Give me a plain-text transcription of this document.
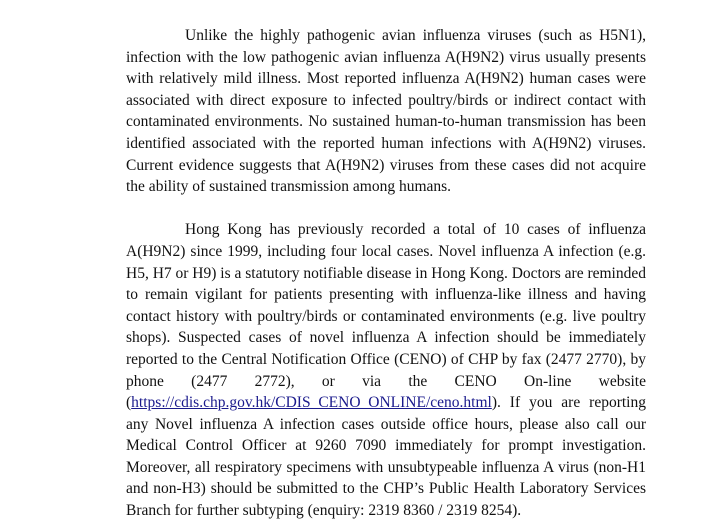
Unlike the highly pathogenic avian influenza viruses (such as H5N1), infection with the low pathogenic avian influenza A(H9N2) virus usually presents with relatively mild illness. Most reported influenza A(H9N2) human cases were associated with direct exposure to infected poultry/birds or indirect contact with contaminated environments. No sustained human-to-human transmission has been identified associated with the reported human infections with A(H9N2) viruses. Current evidence suggests that A(H9N2) viruses from these cases did not acquire the ability of sustained transmission among humans.

Hong Kong has previously recorded a total of 10 cases of influenza A(H9N2) since 1999, including four local cases. Novel influenza A infection (e.g. H5, H7 or H9) is a statutory notifiable disease in Hong Kong. Doctors are reminded to remain vigilant for patients presenting with influenza-like illness and having contact history with poultry/birds or contaminated environments (e.g. live poultry shops). Suspected cases of novel influenza A infection should be immediately reported to the Central Notification Office (CENO) of CHP by fax (2477 2770), by phone (2477 2772), or via the CENO On-line website (https://cdis.chp.gov.hk/CDIS_CENO_ONLINE/ceno.html). If you are reporting any Novel influenza A infection cases outside office hours, please also call our Medical Control Officer at 9260 7090 immediately for prompt investigation. Moreover, all respiratory specimens with unsubtypeable influenza A virus (non-H1 and non-H3) should be submitted to the CHP’s Public Health Laboratory Services Branch for further subtyping (enquiry: 2319 8360 / 2319 8254).
